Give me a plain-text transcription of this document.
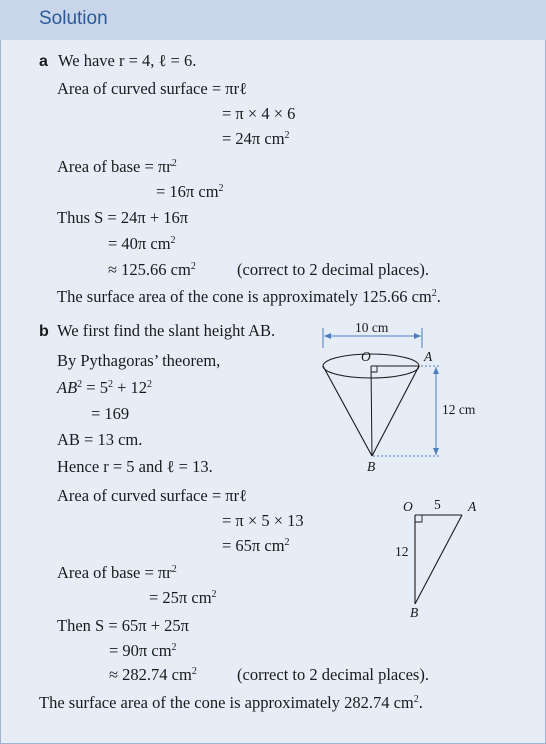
Solution
a We have r = 4, ℓ = 6.
Area of curved surface = πrℓ
= π × 4 × 6
= 24π $cm^2$
Area of base = $\pi r^2$
= 16π $cm^2$
Thus S = 24π + 16π
= 40π $cm^2$
≈ 125.66 $cm^2$ (correct to 2 decimal places).
The surface area of the cone is approximately 125.66 $cm^2$.
b We first find the slant height AB.
By Pythagoras’ theorem,
$AB^2 = 5^2 + 12^2$
= 169
AB = 13 cm.
Hence r = 5 and ℓ = 13.
Area of curved surface = πrℓ
= π × 5 × 13
= 65π $cm^2$
Area of base = $\pi r^2$
= 25π $cm^2$
Then S = 65π + 25π
= 90π $cm^2$
≈ 282.74 $cm^2$ (correct to 2 decimal places).
The surface area of the cone is approximately 282.74 $cm^2$.
10 cm
O	A
B
12 cm
O 5 A
12
B
